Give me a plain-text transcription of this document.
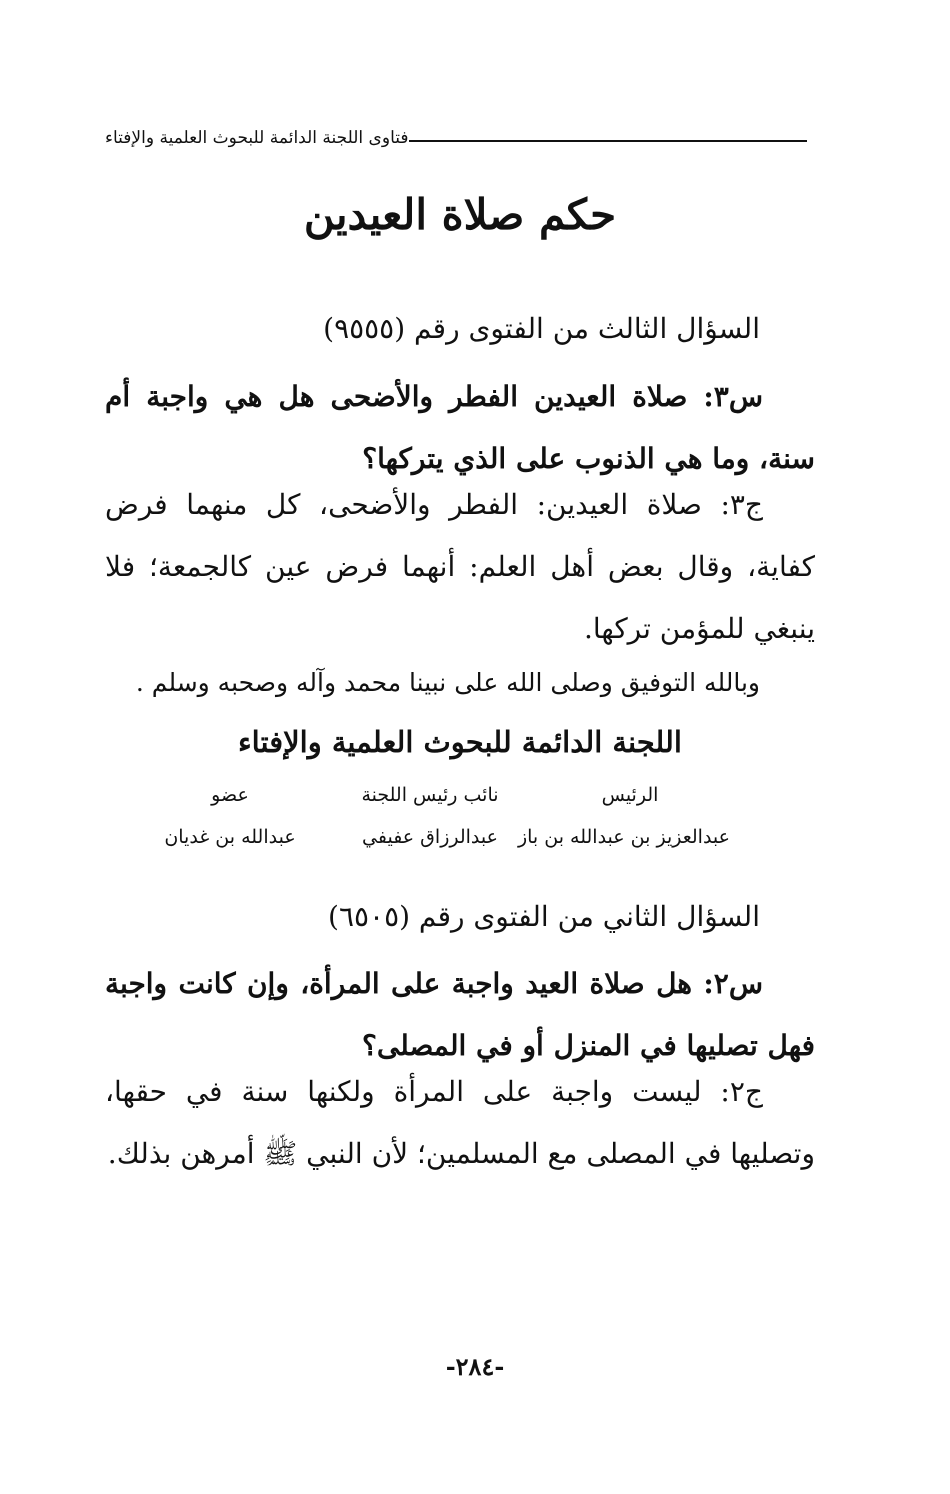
فتاوى اللجنة الدائمة للبحوث العلمية والإفتاء
حكم صلاة العيدين
السؤال الثالث من الفتوى رقم (٩٥٥٥)
س٣: صلاة العيدين الفطر والأضحى هل هي واجبة أم سنة، وما هي الذنوب على الذي يتركها؟
ج٣: صلاة العيدين: الفطر والأضحى، كل منهما فرض كفاية، وقال بعض أهل العلم: أنهما فرض عين كالجمعة؛ فلا ينبغي للمؤمن تركها.
وبالله التوفيق وصلى الله على نبينا محمد وآله وصحبه وسلم .
اللجنة الدائمة للبحوث العلمية والإفتاء
عضو	نائب رئيس اللجنة	الرئيس
عبدالله بن غديان	عبدالرزاق عفيفي	عبدالعزيز بن عبدالله بن باز
السؤال الثاني من الفتوى رقم (٦٥٠٥)
س٢: هل صلاة العيد واجبة على المرأة، وإن كانت واجبة فهل تصليها في المنزل أو في المصلى؟
ج٢: ليست واجبة على المرأة ولكنها سنة في حقها، وتصليها في المصلى مع المسلمين؛ لأن النبي ﷺ أمرهن بذلك.
-٢٨٤-
